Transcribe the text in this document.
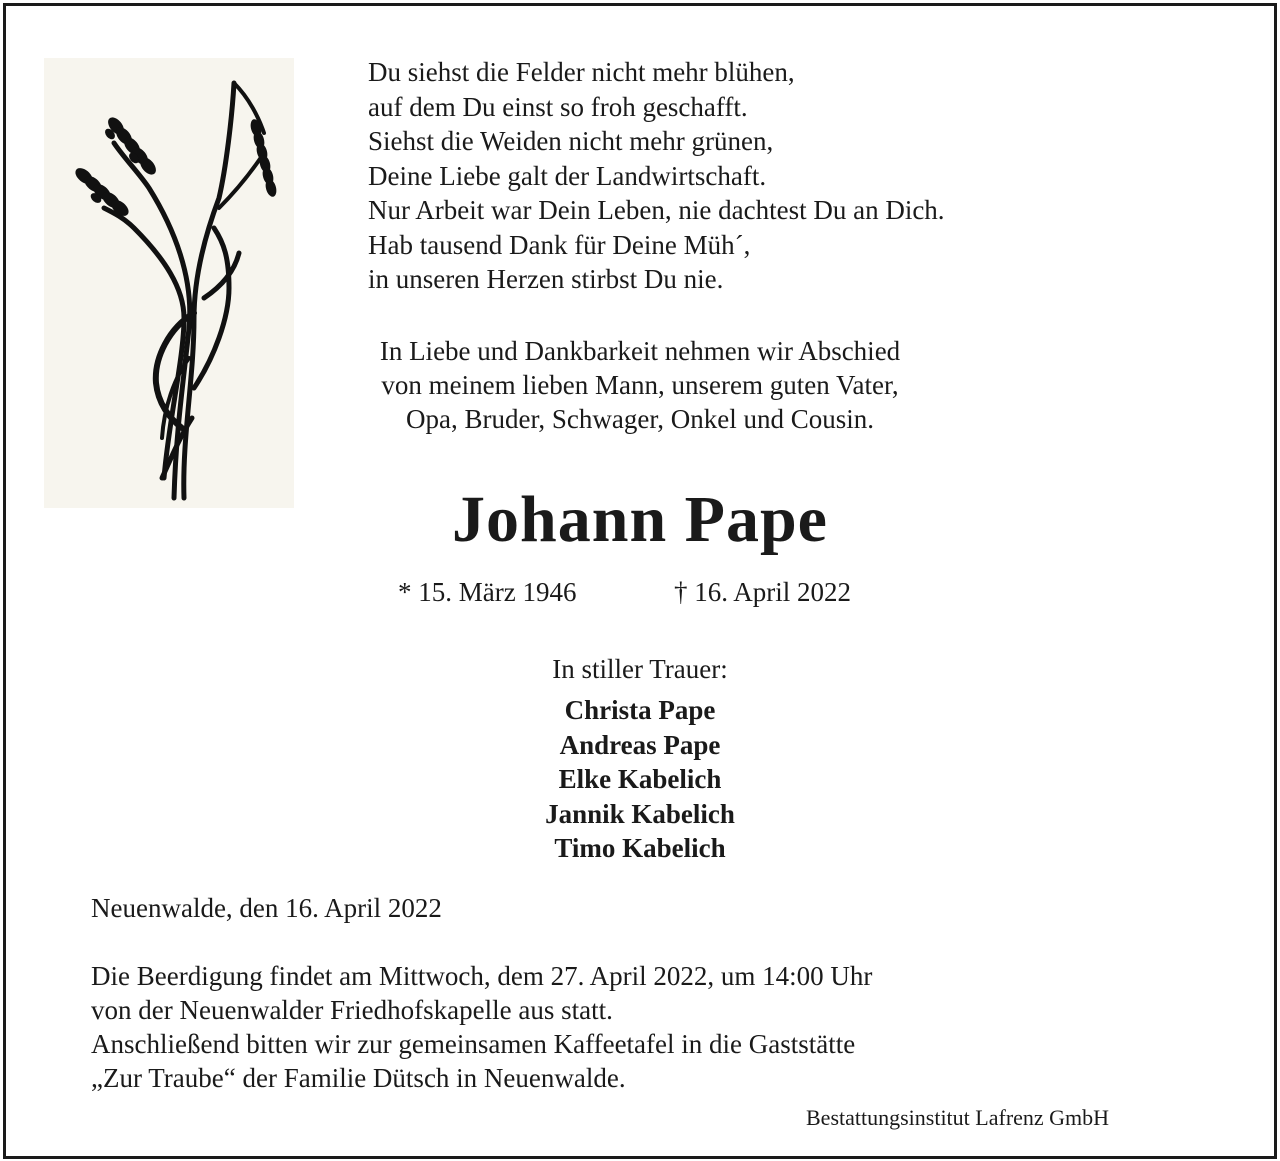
Du siehst die Felder nicht mehr blühen,
auf dem Du einst so froh geschafft.
Siehst die Weiden nicht mehr grünen,
Deine Liebe galt der Landwirtschaft.
Nur Arbeit war Dein Leben, nie dachtest Du an Dich.
Hab tausend Dank für Deine Müh´,
in unseren Herzen stirbst Du nie.
In Liebe und Dankbarkeit nehmen wir Abschied
von meinem lieben Mann, unserem guten Vater,
Opa, Bruder, Schwager, Onkel und Cousin.
Johann Pape
* 15. März 1946	† 16. April 2022
In stiller Trauer:
Christa Pape
Andreas Pape
Elke Kabelich
Jannik Kabelich
Timo Kabelich
Neuenwalde, den 16. April 2022
Die Beerdigung findet am Mittwoch, dem 27. April 2022, um 14:00 Uhr
von der Neuenwalder Friedhofskapelle aus statt.
Anschließend bitten wir zur gemeinsamen Kaffeetafel in die Gaststätte
„Zur Traube“ der Familie Dütsch in Neuenwalde.
Bestattungsinstitut Lafrenz GmbH
